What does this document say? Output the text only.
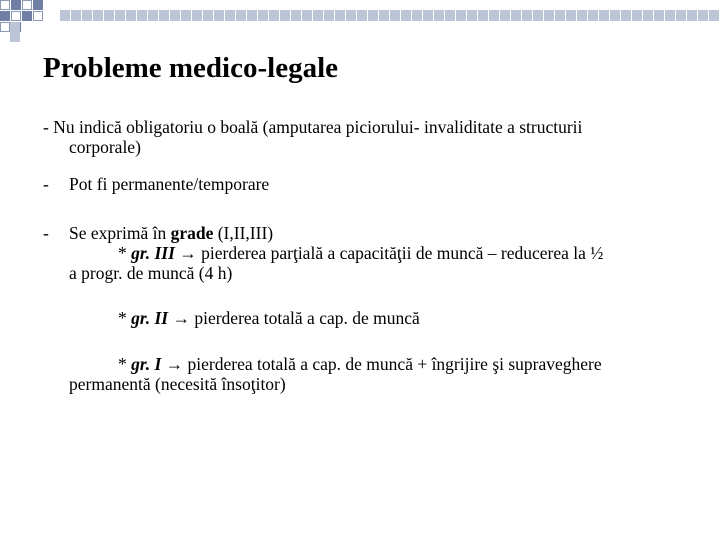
Probleme medico-legale
- Nu indică obligatoriu o boală (amputarea piciorului- invaliditate a structurii
corporale)
- Pot fi permanente/temporare
- Se exprimă în grade (I,II,III)
* gr. III → pierderea parţială a capacităţii de muncă – reducerea la ½
a progr. de muncă (4 h)
* gr. II → pierderea totală a cap. de muncă
* gr. I → pierderea totală a cap. de muncă + îngrijire şi supraveghere
permanentă (necesită însoţitor)
